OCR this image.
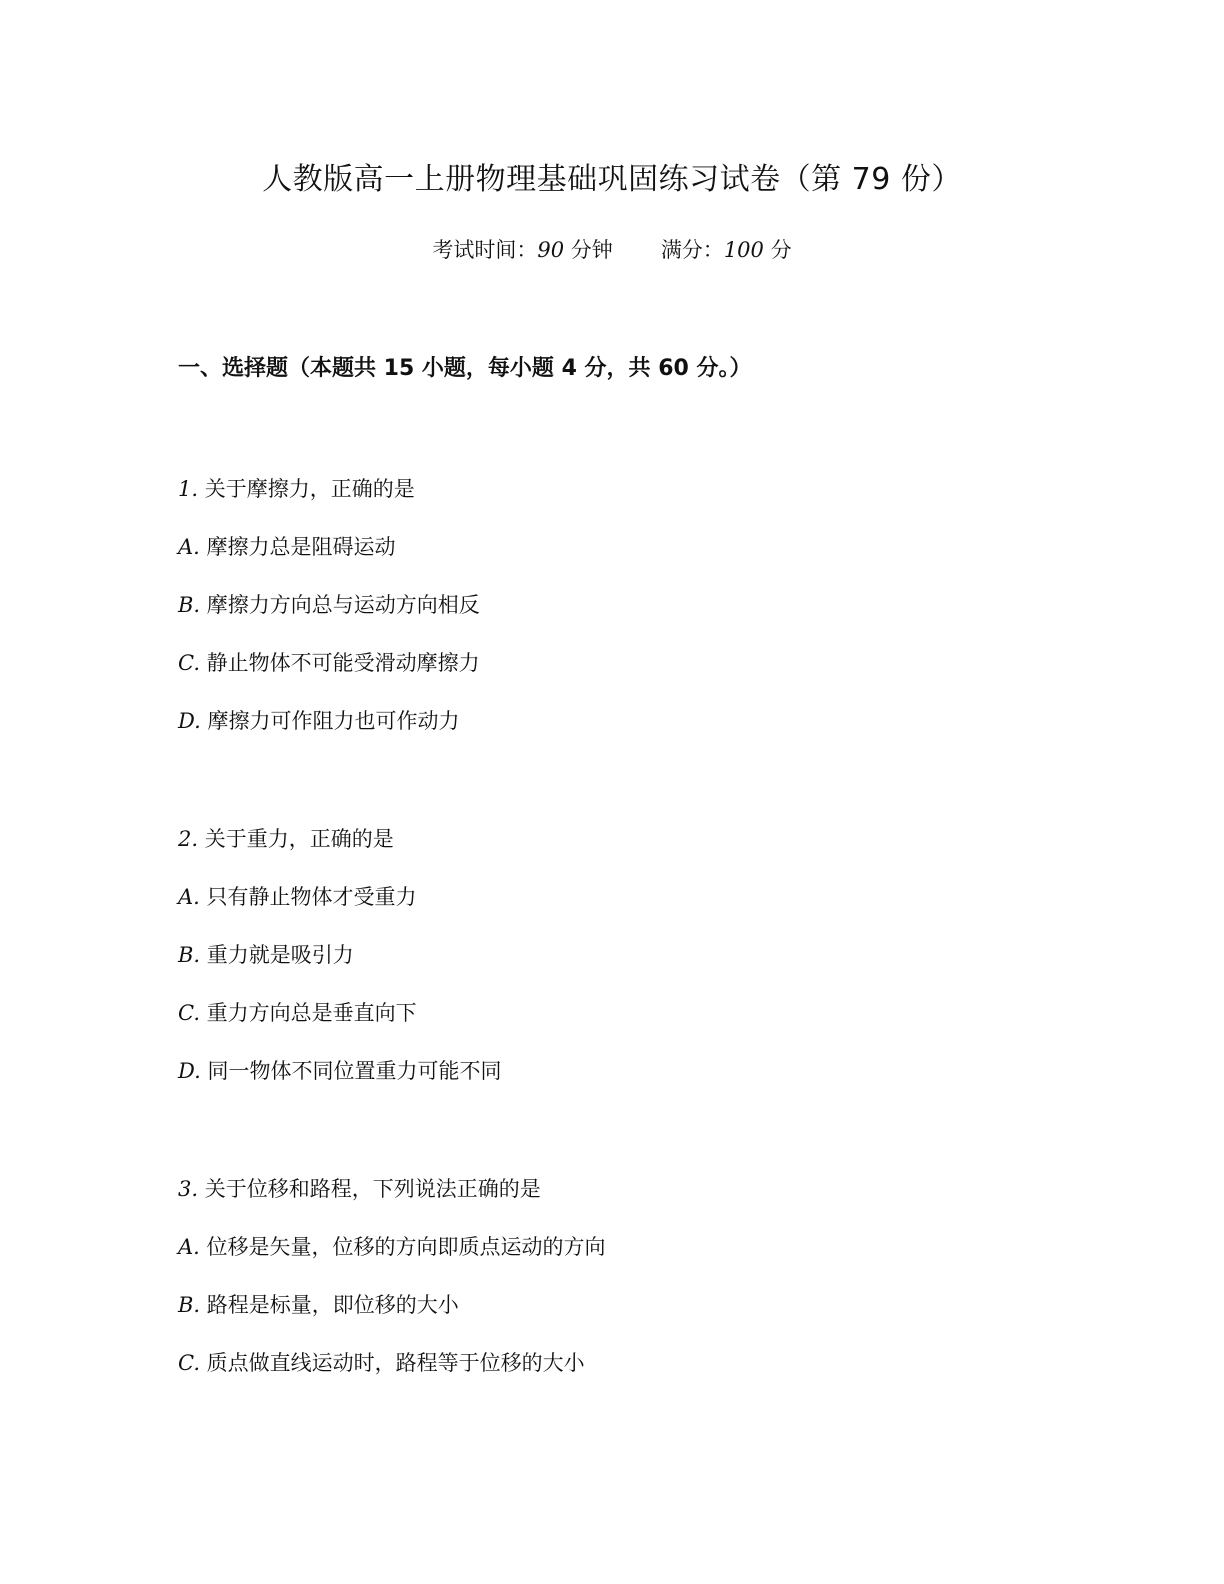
人教版高一上册物理基础巩固练习试卷（第 79 份）
考试时间：90 分钟 满分：100 分
一、选择题（本题共 15 小题，每小题 4 分，共 60 分。）
1. 关于摩擦力，正确的是
A. 摩擦力总是阻碍运动
B. 摩擦力方向总与运动方向相反
C. 静止物体不可能受滑动摩擦力
D. 摩擦力可作阻力也可作动力
2. 关于重力，正确的是
A. 只有静止物体才受重力
B. 重力就是吸引力
C. 重力方向总是垂直向下
D. 同一物体不同位置重力可能不同
3. 关于位移和路程，下列说法正确的是
A. 位移是矢量，位移的方向即质点运动的方向
B. 路程是标量，即位移的大小
C. 质点做直线运动时，路程等于位移的大小
